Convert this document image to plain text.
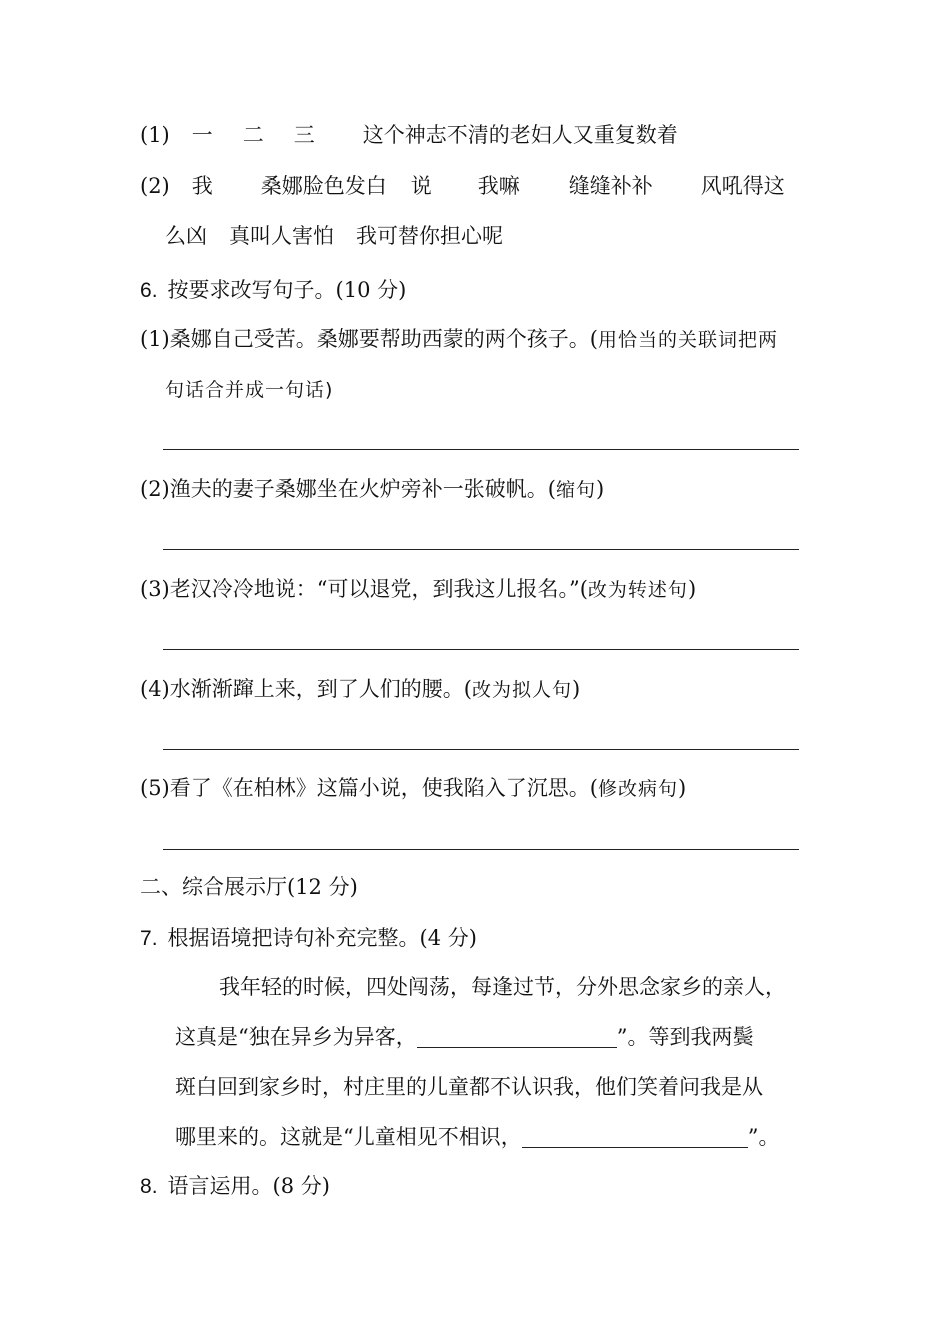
(1) 一 二 三 这个神志不清的老妇人又重复数着
(2) 我 桑娜脸色发白 说 我嘛 缝缝补补 风吼得这
么凶 真叫人害怕 我可替你担心呢
6. 按要求改写句子。(10 分)
(1)桑娜自己受苦。桑娜要帮助西蒙的两个孩子。(用恰当的关联词把两
句话合并成一句话)
(2)渔夫的妻子桑娜坐在火炉旁补一张破帆。(缩句)
(3)老汉冷冷地说：“可以退党，到我这儿报名。”(改为转述句)
(4)水渐渐蹿上来，到了人们的腰。(改为拟人句)
(5)看了《在柏林》这篇小说，使我陷入了沉思。(修改病句)
二、综合展示厅(12 分)
7. 根据语境把诗句补充完整。(4 分)
我年轻的时候，四处闯荡，每逢过节，分外思念家乡的亲人，
这真是“独在异乡为异客，	”。等到我两鬓
斑白回到家乡时，村庄里的儿童都不认识我，他们笑着问我是从
哪里来的。这就是“儿童相见不相识，	”。
8. 语言运用。(8 分)
